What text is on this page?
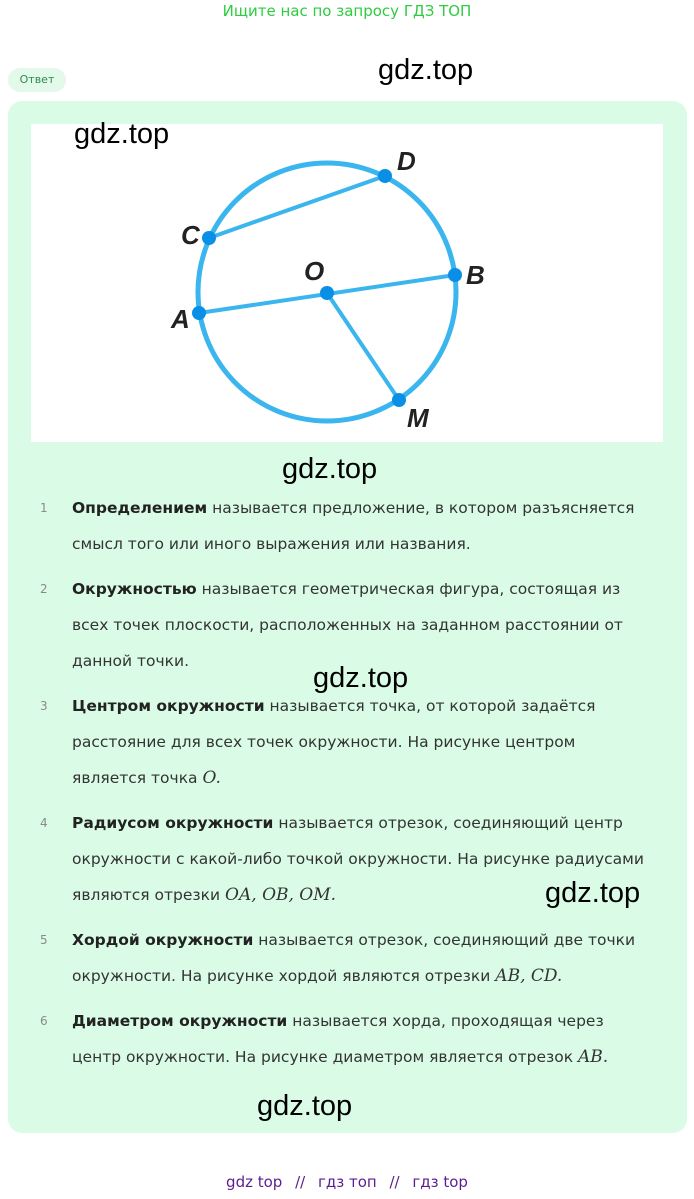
Ищите нас по запросу ГДЗ ТОП
gdz.top
Ответ
C
D
O	B
A
M
gdz.top
gdz.top
1	Определением называется предложение, в котором разъясняется смысл того или иного выражения или названия.
2	Окружностью называется геометрическая фигура, состоящая из всех точек плоскости, расположенных на заданном расстоянии от данной точки.
3	Центром окружности называется точка, от которой задаётся расстояние для всех точек окружности. На рисунке центром является точка O.
4	Радиусом окружности называется отрезок, соединяющий центр окружности с какой-либо точкой окружности. На рисунке радиусами являются отрезки OA, OB, OM.
5	Хордой окружности называется отрезок, соединяющий две точки окружности. На рисунке хордой являются отрезки AB, CD.
6	Диаметром окружности называется хорда, проходящая через центр окружности. На рисунке диаметром является отрезок AB.
gdz.top
gdz.top
gdz.top
gdz top // гдз топ // гдз top
